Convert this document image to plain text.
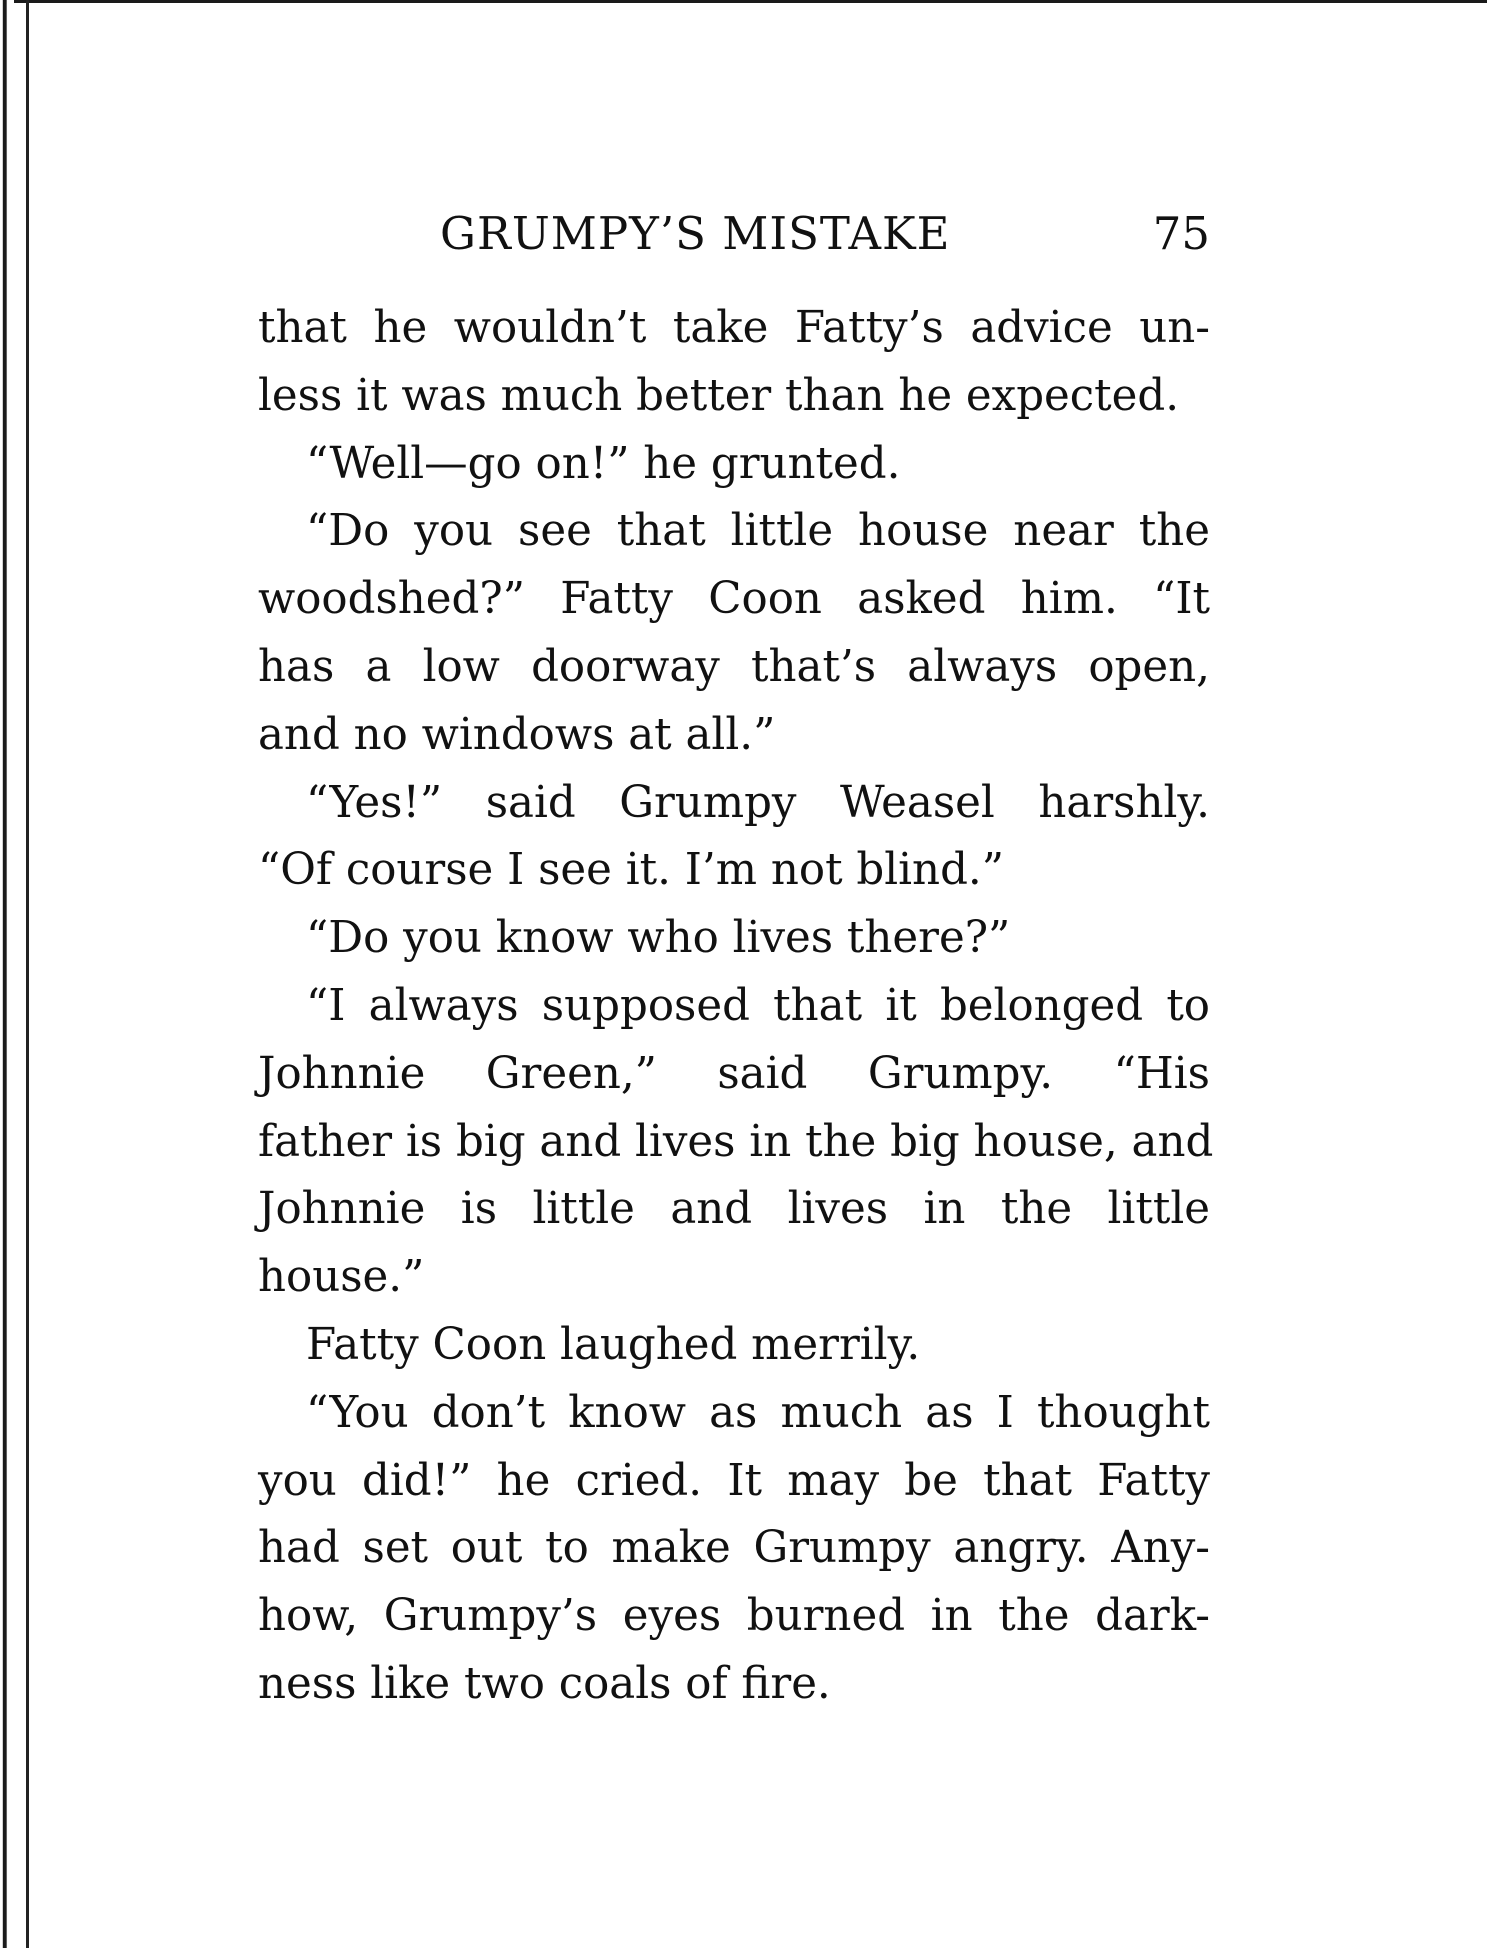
GRUMPY’S MISTAKE	75
that he wouldn’t take Fatty’s advice un-
less it was much better than he expected.
“Well—go on!” he grunted.
“Do you see that little house near the
woodshed?” Fatty Coon asked him. “It
has a low doorway that’s always open,
and no windows at all.”
“Yes!” said Grumpy Weasel harshly.
“Of course I see it. I’m not blind.”
“Do you know who lives there?”
“I always supposed that it belonged to
Johnnie Green,” said Grumpy. “His
father is big and lives in the big house, and
Johnnie is little and lives in the little
house.”
Fatty Coon laughed merrily.
“You don’t know as much as I thought
you did!” he cried. It may be that Fatty
had set out to make Grumpy angry. Any-
how, Grumpy’s eyes burned in the dark-
ness like two coals of fire.
